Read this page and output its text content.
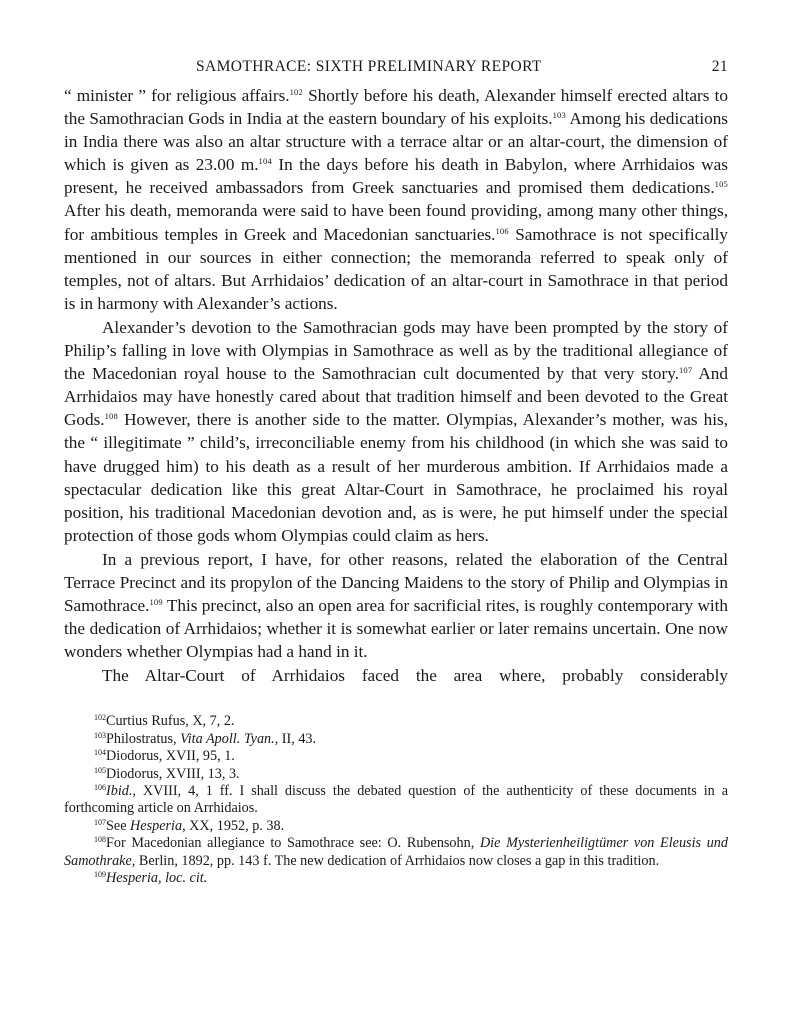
SAMOTHRACE: SIXTH PRELIMINARY REPORT	21

“ minister ” for religious affairs.$^{102}$ Shortly before his death, Alexander himself erected altars to the Samothracian Gods in India at the eastern boundary of his exploits.$^{103}$ Among his dedications in India there was also an altar structure with a terrace altar or an altar-court, the dimension of which is given as 23.00 m.$^{104}$ In the days before his death in Babylon, where Arrhidaios was present, he received ambassadors from Greek sanctuaries and promised them dedications.$^{105}$ After his death, memoranda were said to have been found providing, among many other things, for ambitious temples in Greek and Macedonian sanctuaries.$^{106}$ Samothrace is not specifically mentioned in our sources in either connection; the memoranda referred to speak only of temples, not of altars. But Arrhidaios’ dedication of an altar-court in Samothrace in that period is in harmony with Alexander’s actions.

Alexander’s devotion to the Samothracian gods may have been prompted by the story of Philip’s falling in love with Olympias in Samothrace as well as by the traditional allegiance of the Macedonian royal house to the Samothracian cult documented by that very story.$^{107}$ And Arrhidaios may have honestly cared about that tradition himself and been devoted to the Great Gods.$^{108}$ However, there is another side to the matter. Olympias, Alexander’s mother, was his, the “ illegitimate ” child’s, irreconciliable enemy from his childhood (in which she was said to have drugged him) to his death as a result of her murderous ambition. If Arrhidaios made a spectacular dedication like this great Altar-Court in Samothrace, he proclaimed his royal position, his traditional Macedonian devotion and, as is were, he put himself under the special protection of those gods whom Olympias could claim as hers.

In a previous report, I have, for other reasons, related the elaboration of the Central Terrace Precinct and its propylon of the Dancing Maidens to the story of Philip and Olympias in Samothrace.$^{109}$ This precinct, also an open area for sacrificial rites, is roughly contemporary with the dedication of Arrhidaios; whether it is somewhat earlier or later remains uncertain. One now wonders whether Olympias had a hand in it.

The Altar-Court of Arrhidaios faced the area where, probably considerably

$^{102}$Curtius Rufus, X, 7, 2.
$^{103}$Philostratus, Vita Apoll. Tyan., II, 43.
$^{104}$Diodorus, XVII, 95, 1.
$^{105}$Diodorus, XVIII, 13, 3.
$^{106}$Ibid., XVIII, 4, 1 ff. I shall discuss the debated question of the authenticity of these documents in a forthcoming article on Arrhidaios.
$^{107}$See Hesperia, XX, 1952, p. 38.
$^{108}$For Macedonian allegiance to Samothrace see: O. Rubensohn, Die Mysterienheiligtümer von Eleusis und Samothrake, Berlin, 1892, pp. 143 f. The new dedication of Arrhidaios now closes a gap in this tradition.
$^{109}$Hesperia, loc. cit.
